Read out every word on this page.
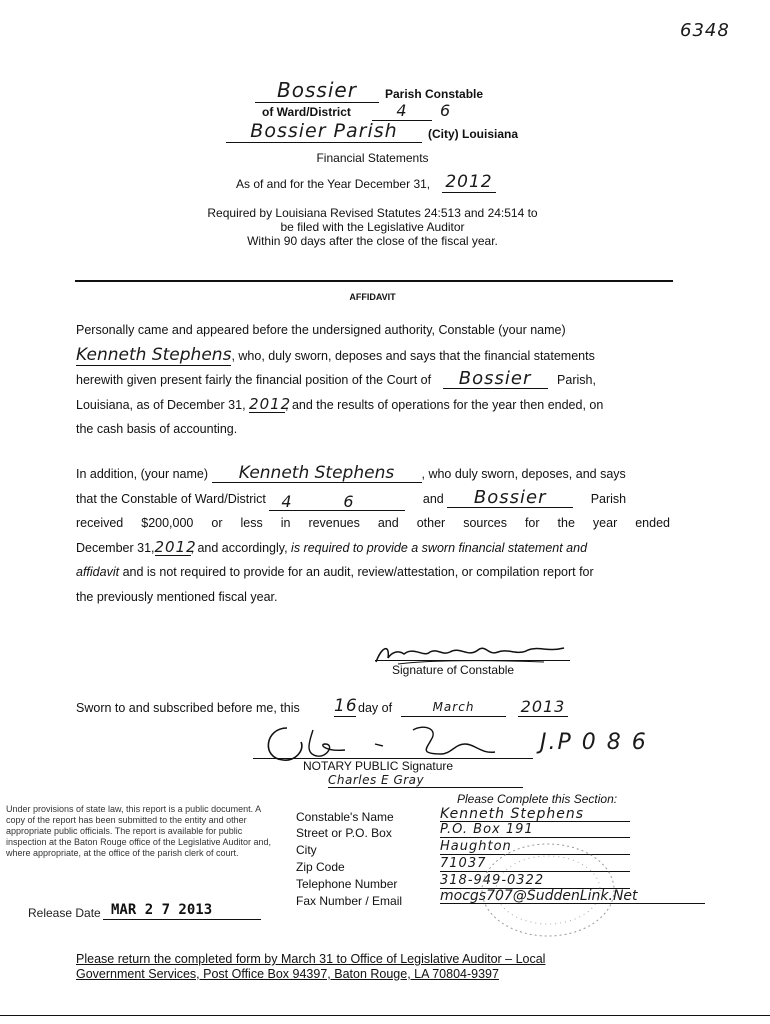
6348
Bossier	Parish Constable
of Ward/District	4	6
Bossier Parish	(City) Louisiana
Financial Statements
As of and for the Year December 31, 2012
Required by Louisiana Revised Statutes 24:513 and 24:514 to
be filed with the Legislative Auditor
Within 90 days after the close of the fiscal year.
AFFIDAVIT
Personally came and appeared before the undersigned authority, Constable (your name)
Kenneth Stephens, who, duly sworn, deposes and says that the financial statements
herewith given present fairly the financial position of the Court of Bossier Parish,
Louisiana, as of December 31, 2012, and the results of operations for the year then ended, on
the cash basis of accounting.
In addition, (your name) Kenneth Stephens , who duly sworn, deposes, and says
that the Constable of Ward/District 4	6	and Bossier	Parish
received $200,000 or less in revenues and other sources for the year ended
December 31,2012, and accordingly, is required to provide a sworn financial statement and
affidavit and is not required to provide for an audit, review/attestation, or compilation report for
the previously mentioned fiscal year.
Signature of Constable
Sworn to and subscribed before me, this 16 day of	March	2013
J.P 0 8 6
NOTARY PUBLIC Signature
Charles E Gray
Under provisions of state law, this report is a public document. A copy of the report has been submitted to the entity and other appropriate public officials. The report is available for public inspection at the Baton Rouge office of the Legislative Auditor and, where appropriate, at the office of the parish clerk of court.
Release Date MAR 2 7 2013
Please Complete this Section:
Constable's Name	Kenneth Stephens
Street or P.O. Box	P.O. Box 191
City	Haughton
Zip Code	71037
Telephone Number	318-949-0322
Fax Number / Email	mocgs707@SuddenLink.Net
Please return the completed form by March 31 to Office of Legislative Auditor – Local
Government Services, Post Office Box 94397, Baton Rouge, LA 70804-9397
